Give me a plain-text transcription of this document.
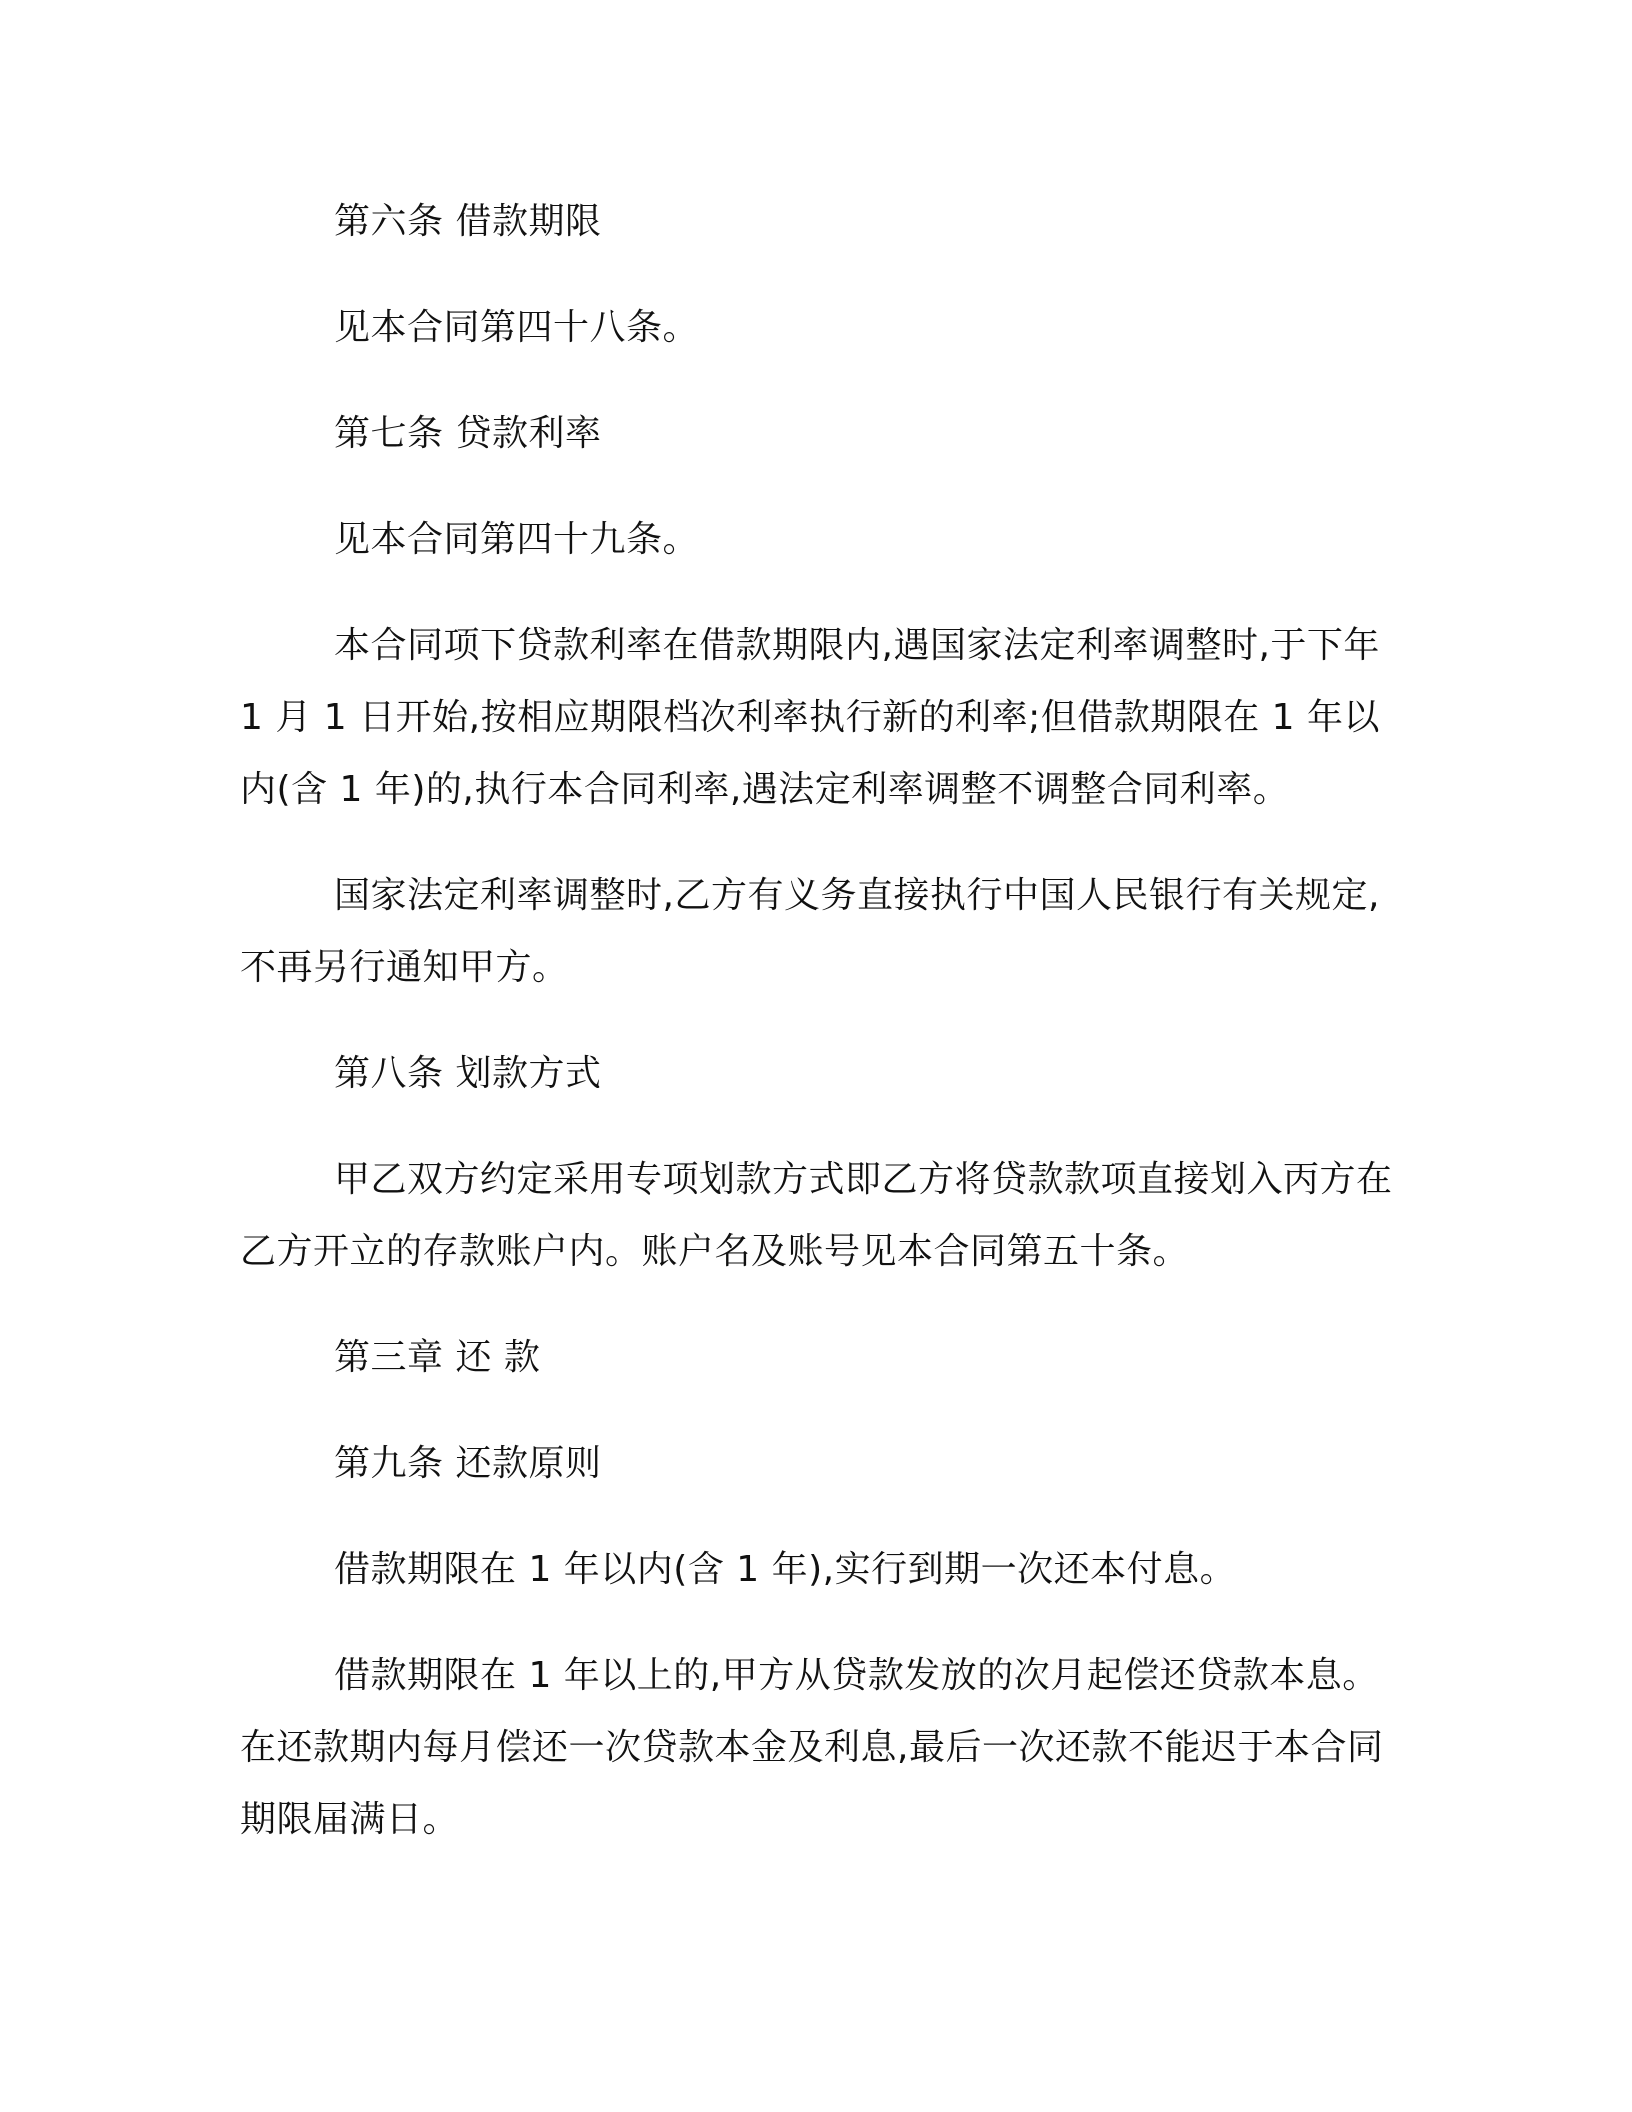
第六条 借款期限

见本合同第四十八条。

第七条 贷款利率

见本合同第四十九条。

本合同项下贷款利率在借款期限内,遇国家法定利率调整时,于下年 1 月 1 日开始,按相应期限档次利率执行新的利率;但借款期限在 1 年以内(含 1 年)的,执行本合同利率,遇法定利率调整不调整合同利率。

国家法定利率调整时,乙方有义务直接执行中国人民银行有关规定,不再另行通知甲方。

第八条 划款方式

甲乙双方约定采用专项划款方式即乙方将贷款款项直接划入丙方在乙方开立的存款账户内。账户名及账号见本合同第五十条。

第三章 还 款

第九条 还款原则

借款期限在 1 年以内(含 1 年),实行到期一次还本付息。

借款期限在 1 年以上的,甲方从贷款发放的次月起偿还贷款本息。在还款期内每月偿还一次贷款本金及利息,最后一次还款不能迟于本合同期限届满日。
